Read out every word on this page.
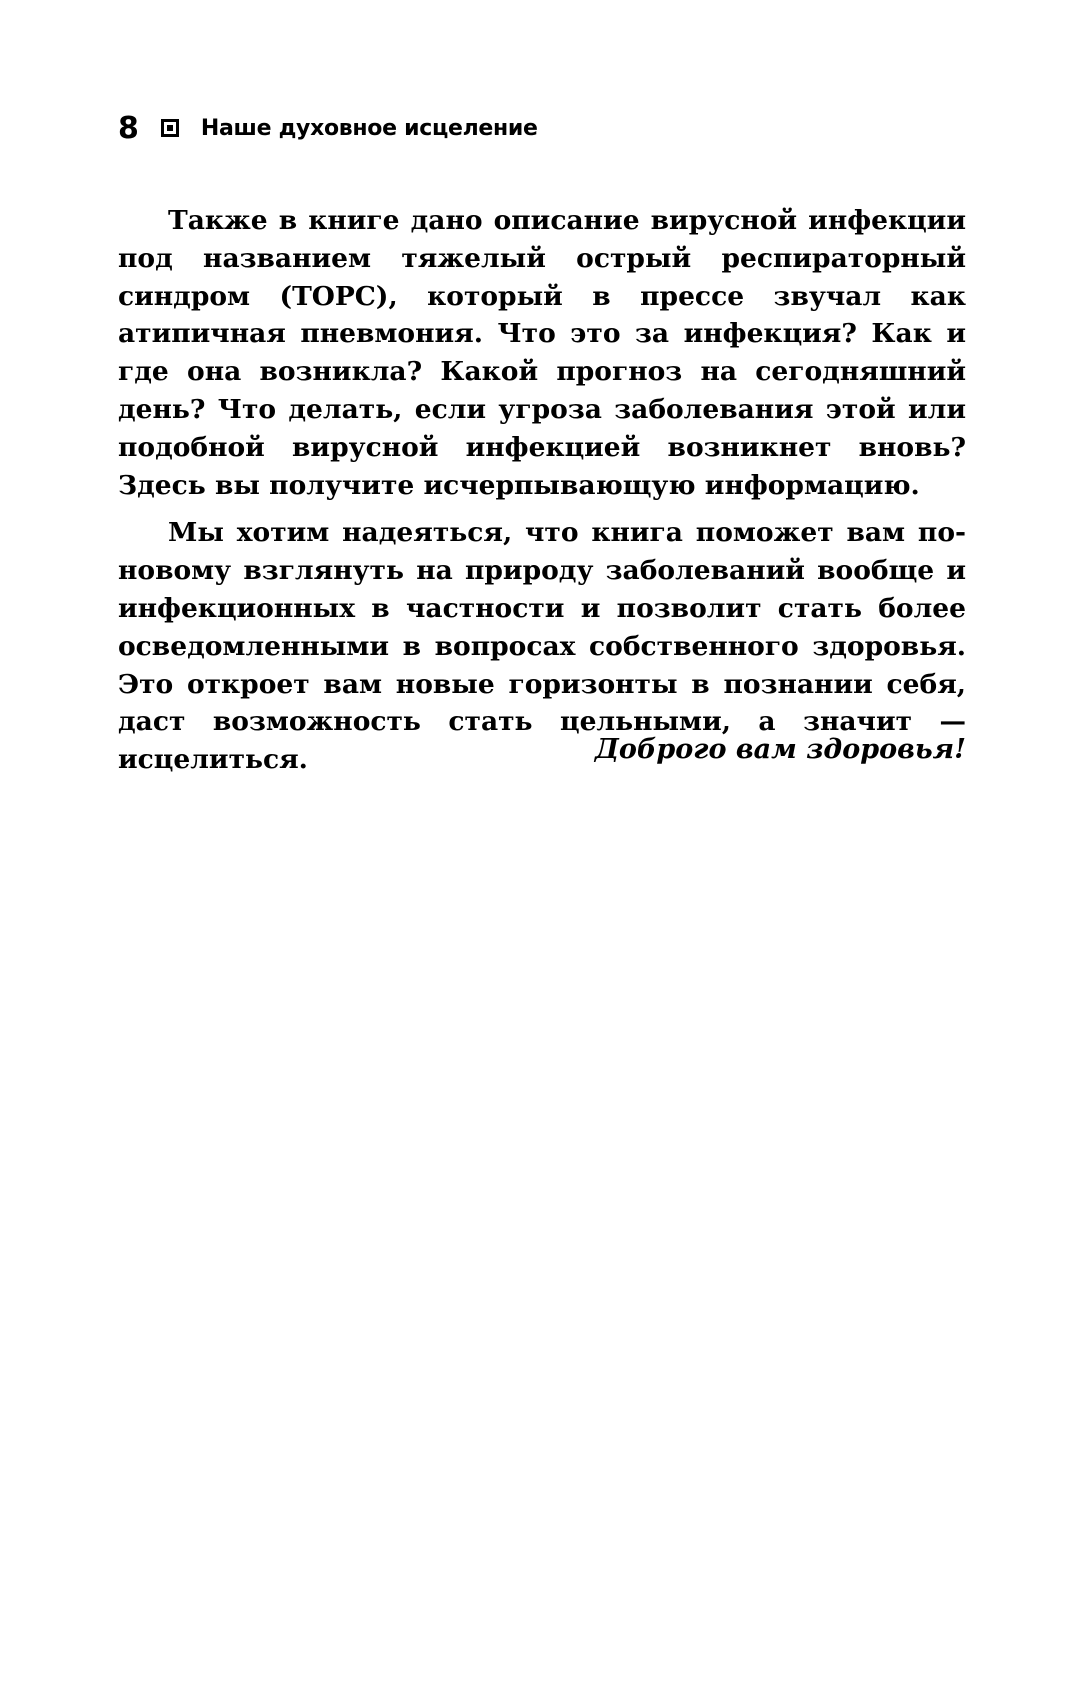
8	Наше духовное исцеление

Также в книге дано описание вирусной инфекции под названием тяжелый острый респираторный синдром (ТОРС), который в прессе звучал как атипичная пневмония. Что это за инфекция? Как и где она возникла? Какой прогноз на сегодняшний день? Что делать, если угроза заболевания этой или подобной вирусной инфекцией возникнет вновь? Здесь вы получите исчерпывающую информацию.

Мы хотим надеяться, что книга поможет вам по-новому взглянуть на природу заболеваний вообще и инфекционных в частности и позволит стать более осведомленными в вопросах собственного здоровья. Это откроет вам новые горизонты в познании себя, даст возможность стать цельными, а значит — исцелиться.	Доброго вам здоровья!
